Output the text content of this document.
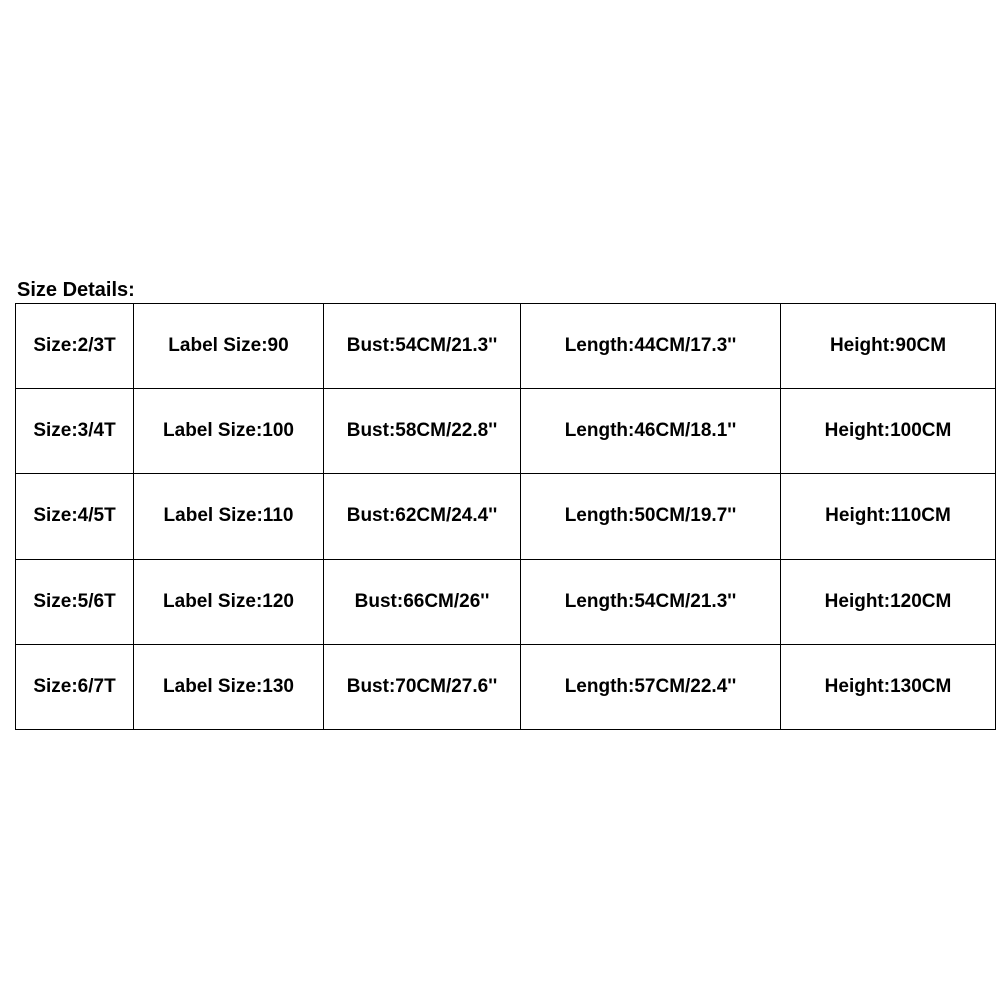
Size Details:
Size:2/3T	Label Size:90	Bust:54CM/21.3''	Length:44CM/17.3''	Height:90CM
Size:3/4T	Label Size:100	Bust:58CM/22.8''	Length:46CM/18.1''	Height:100CM
Size:4/5T	Label Size:110	Bust:62CM/24.4''	Length:50CM/19.7''	Height:110CM
Size:5/6T	Label Size:120	Bust:66CM/26''	Length:54CM/21.3''	Height:120CM
Size:6/7T	Label Size:130	Bust:70CM/27.6''	Length:57CM/22.4''	Height:130CM
